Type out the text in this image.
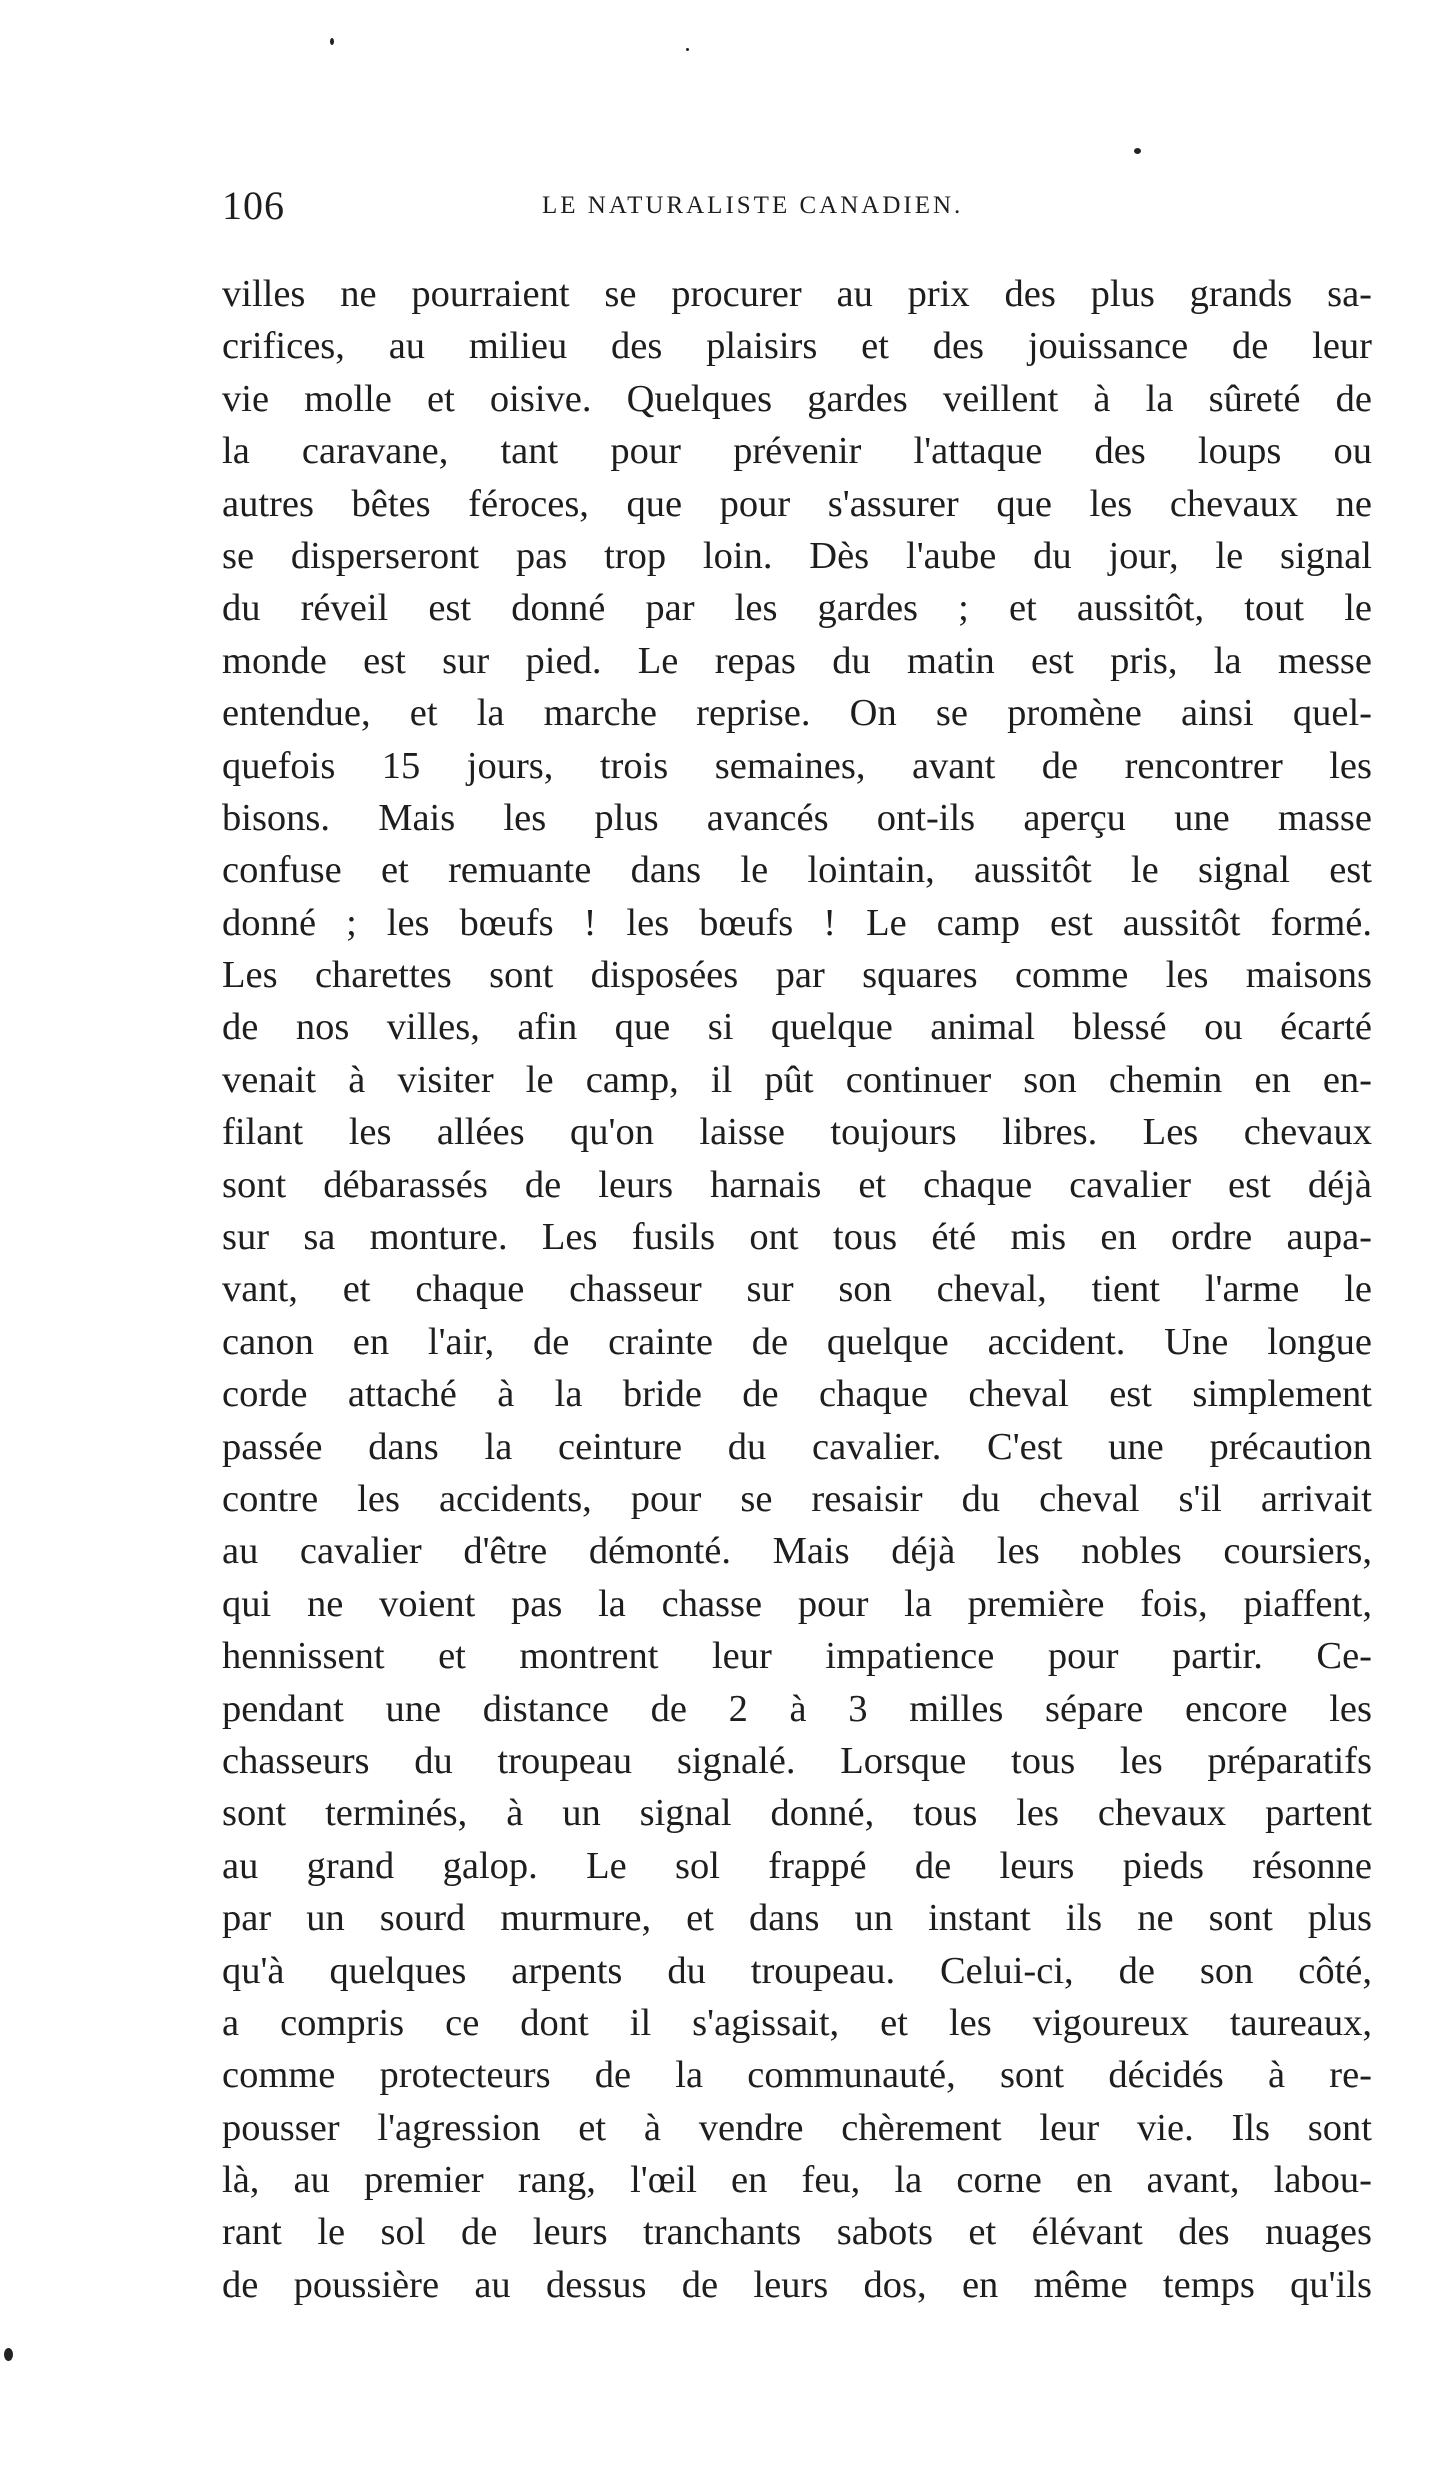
106	LE NATURALISTE CANADIEN.
villes ne pourraient se procurer au prix des plus grands sa-
crifices, au milieu des plaisirs et des jouissance de leur
vie molle et oisive. Quelques gardes veillent à la sûreté de
la caravane, tant pour prévenir l'attaque des loups ou
autres bêtes féroces, que pour s'assurer que les chevaux ne
se disperseront pas trop loin. Dès l'aube du jour, le signal
du réveil est donné par les gardes ; et aussitôt, tout le
monde est sur pied. Le repas du matin est pris, la messe
entendue, et la marche reprise. On se promène ainsi quel-
quefois 15 jours, trois semaines, avant de rencontrer les
bisons. Mais les plus avancés ont-ils aperçu une masse
confuse et remuante dans le lointain, aussitôt le signal est
donné ; les bœufs ! les bœufs ! Le camp est aussitôt formé.
Les charettes sont disposées par squares comme les maisons
de nos villes, afin que si quelque animal blessé ou écarté
venait à visiter le camp, il pût continuer son chemin en en-
filant les allées qu'on laisse toujours libres. Les chevaux
sont débarassés de leurs harnais et chaque cavalier est déjà
sur sa monture. Les fusils ont tous été mis en ordre aupa-
vant, et chaque chasseur sur son cheval, tient l'arme le
canon en l'air, de crainte de quelque accident. Une longue
corde attaché à la bride de chaque cheval est simplement
passée dans la ceinture du cavalier. C'est une précaution
contre les accidents, pour se resaisir du cheval s'il arrivait
au cavalier d'être démonté. Mais déjà les nobles coursiers,
qui ne voient pas la chasse pour la première fois, piaffent,
hennissent et montrent leur impatience pour partir. Ce-
pendant une distance de 2 à 3 milles sépare encore les
chasseurs du troupeau signalé. Lorsque tous les préparatifs
sont terminés, à un signal donné, tous les chevaux partent
au grand galop. Le sol frappé de leurs pieds résonne
par un sourd murmure, et dans un instant ils ne sont plus
qu'à quelques arpents du troupeau. Celui-ci, de son côté,
a compris ce dont il s'agissait, et les vigoureux taureaux,
comme protecteurs de la communauté, sont décidés à re-
pousser l'agression et à vendre chèrement leur vie. Ils sont
là, au premier rang, l'œil en feu, la corne en avant, labou-
rant le sol de leurs tranchants sabots et élévant des nuages
de poussière au dessus de leurs dos, en même temps qu'ils
